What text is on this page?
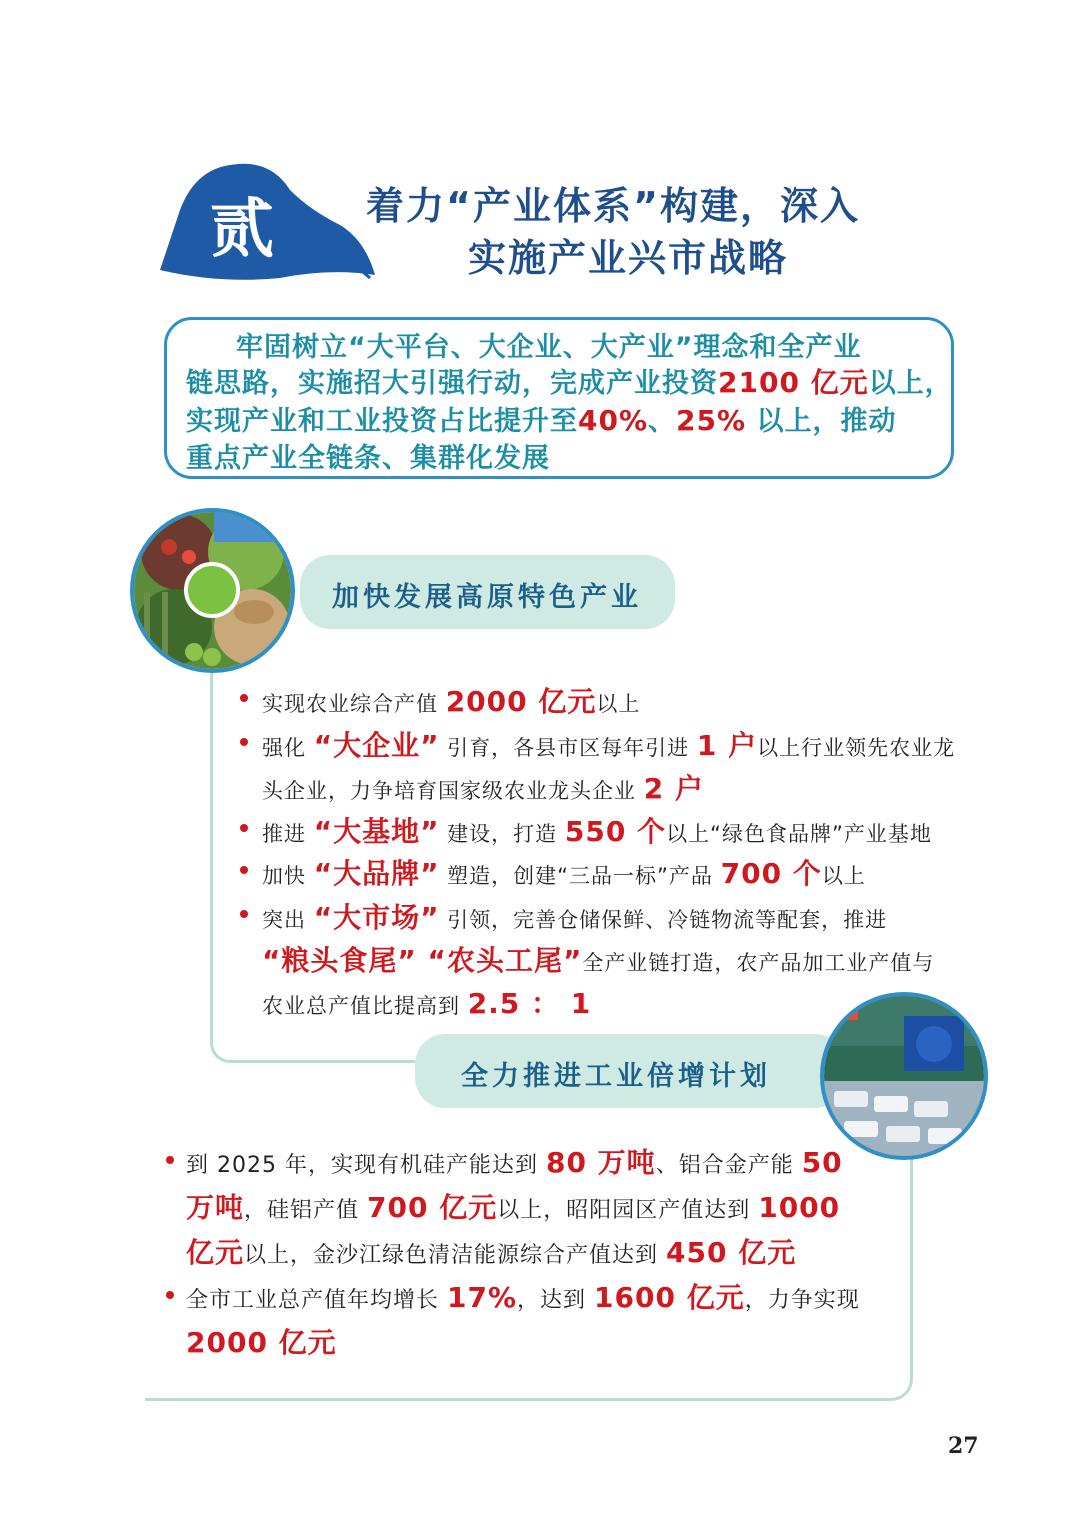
贰 着力“产业体系”构建，深入
实施产业兴市战略
牢固树立“大平台、大企业、大产业”理念和全产业
链思路，实施招大引强行动，完成产业投资2100 亿元以上，
实现产业和工业投资占比提升至40%、25% 以上，推动
重点产业全链条、集群化发展
加快发展高原特色产业
实现农业综合产值 2000 亿元以上
强化 “大企业” 引育，各县市区每年引进 1 户以上行业领先农业龙
头企业，力争培育国家级农业龙头企业 2 户
推进 “大基地” 建设，打造 550 个以上“绿色食品牌”产业基地
加快 “大品牌” 塑造，创建“三品一标”产品 700 个以上
突出 “大市场” 引领，完善仓储保鲜、冷链物流等配套，推进
“粮头食尾” “农头工尾”全产业链打造，农产品加工业产值与
农业总产值比提高到 2.5 ： 1
全力推进工业倍增计划
到 2025 年，实现有机硅产能达到 80 万吨、铝合金产能 50
万吨，硅铝产值 700 亿元以上，昭阳园区产值达到 1000
亿元以上，金沙江绿色清洁能源综合产值达到 450 亿元
全市工业总产值年均增长 17%，达到 1600 亿元，力争实现
2000 亿元
27
